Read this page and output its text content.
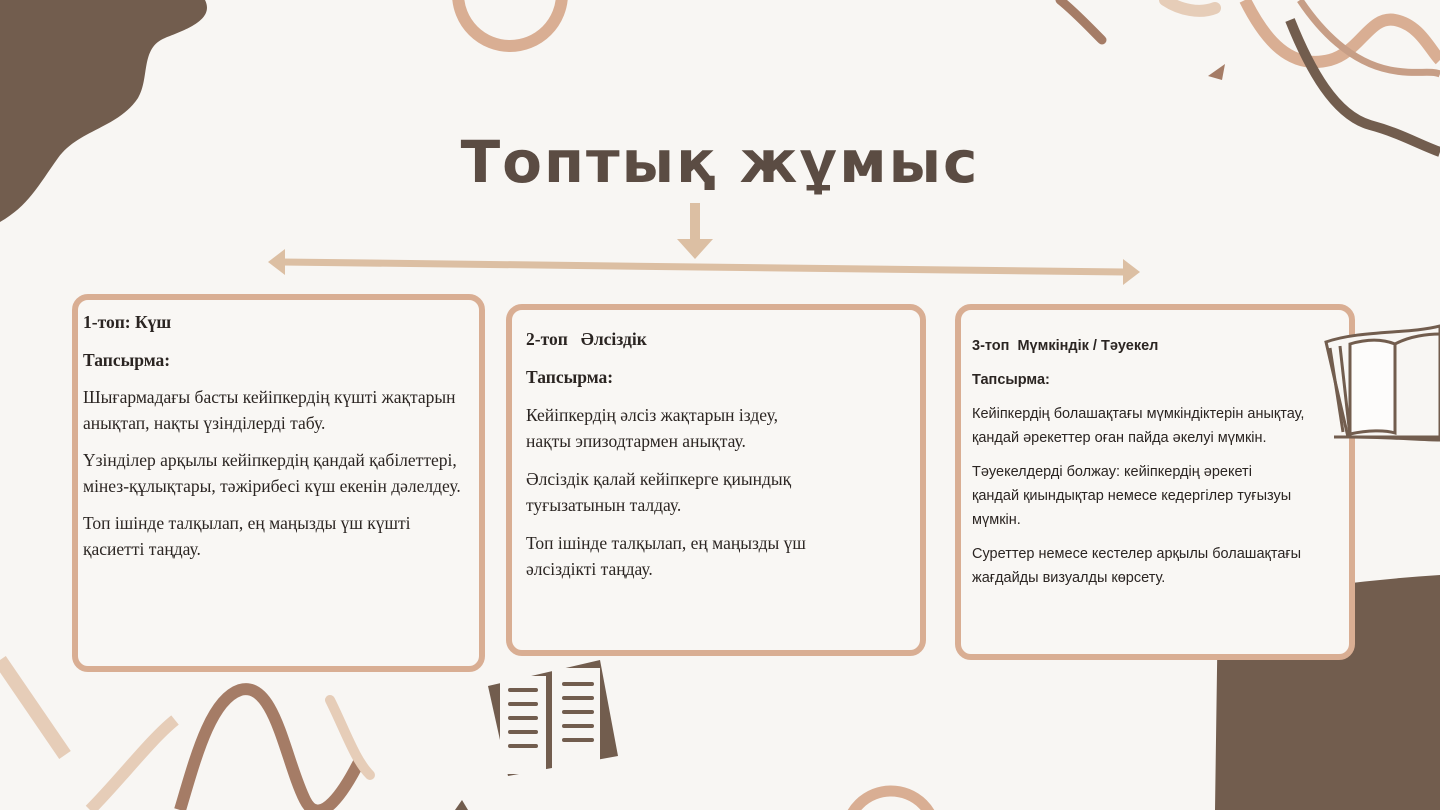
Топтық жұмыс

1-топ: Күш

Тапсырма:

Шығармадағы басты кейіпкердің күшті жақтарын анықтап, нақты үзінділерді табу.

Үзінділер арқылы кейіпкердің қандай қабілеттері, мінез-құлықтары, тәжірибесі күш екенін дәлелдеу.

Топ ішінде талқылап, ең маңызды үш күшті қасиетті таңдау.

2-топ   Әлсіздік

Тапсырма:

Кейіпкердің әлсіз жақтарын іздеу, нақты эпизодтармен анықтау.

Әлсіздік қалай кейіпкерге қиындық туғызатынын талдау.

Топ ішінде талқылап, ең маңызды үш әлсіздікті таңдау.

3-топ  Мүмкіндік / Тәуекел

Тапсырма:

Кейіпкердің болашақтағы мүмкіндіктерін анықтау, қандай әрекеттер оған пайда әкелуі мүмкін.

Тәуекелдерді болжау: кейіпкердің әрекеті қандай қиындықтар немесе кедергілер туғызуы мүмкін.

Суреттер немесе кестелер арқылы болашақтағы жағдайды визуалды көрсету.
